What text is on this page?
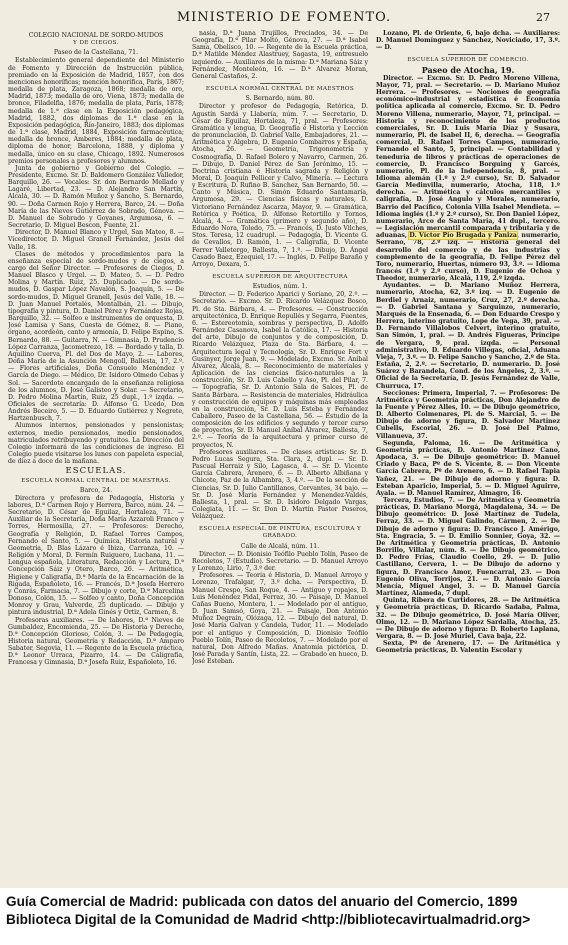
MINISTERIO DE FOMENTO.	27
COLEGIO NACIONAL DE SORDO-MUDOS
Y DE CIEGOS.
Paseo de la Castellana, 71.

Establecimiento general dependiente del Ministerio de Fomento y Dirección de Instrucción pública, premiado en la Exposición de Madrid, 1857, con dos menciones honoríficas; mención honorífica, París, 1867; medalla de plata, Zaragoza, 1868; medalla de oro, Madrid, 1873; medalla de oro, Viena, 1873; medalla de bronce, Filadelfia, 1876; medalla de plata, París, 1878; medalla de 1.ª clase en la Exposición pedagógica, Madrid, 1882, dos diplomas de 1.ª clase en la Exposición pedagógica, Río-Janeiro, 1883; dos diplomas de 1.ª clase, Madrid, 1884, Exposición farmacéutica; medalla de bronce, Amberes, 1884; medalla de plata, diploma de honor, Barcelona, 1888, y diploma y medalla, único en su clase, Chicago, 1892. Numerosos premios personales a profesores y alumnos.

Junta de gobierno y Gobierno del Colegio. — Presidente, Excmo. Sr. D. Baldomero González Valledor, Barquillo, 26. — Vocales: Sr. don Bernardo Mellado y Lagaré, Libertad, 23. — D. Alejandro San Martín, Alcalá, 30. — D. Ramón Muñoz y Sancho, S. Bernardo, 90. — Doña Carmen Rojo y Herrera, Barco, 24. — Doña María de las Nieves Gutiérrez de Sobrado, Génova. — D. Manuel de Sobrado y Goyanes, Argumosa, 6. — Secretario, D. Miguel Bescon, Fuente, 21.

Director, D. Manuel Blanco y Urgel, San Mateo, 8. — Vicedirector, D. Miguel Granell Fernández, Jesús del Valle, 18.

Clases de métodos y procedimientos para la enseñanza especial de sordo-mudos y de ciegos, a cargo del Señor Director. — Profesores de Ciegos, D. Manuel Blasco y Urgel. — D. Mateo, 5. — D. Pedro Molina y Martín. Ruiz, 25. Duplicado. — De sordo-mudos, D. Gaspar López Navalón, S. Joaquín, 5. — De sordo-mudos, D. Miguel Granell, Jesús del Valle, 18. — D. Juan Manuel Portalés, Montalbán, 21. — Dibujo, tipografía y pintura, D. Daniel Pérez y Fernández Rojas, Barquillo, 32. — Solfeo e instrumentos de orquesta, D. José Lamisa y Sans, Cuesta de Gómez, 8. — Piano, órgano, acordeón, canto y armonía, D. Felipe Espino, S. Bernardo, 88. — Guitarra, N. — Gimnasia, D. Prudencio López Carranza, Jacometrezo, 18. — Bordado y talla, D. Aquilino Cuerva, Pl. del Dos de Mayo, 2. — Labores, Doña María de la Asunción Mengoll, Ballesta, 17, 2.º. — Flores artificiales, Doña Consuelo Menéndez y García de Diego. — Médico, Dr. Isidoro Olmedo Cebas y Sol. — Sacerdote encargado de la enseñanza religiosa de los alumnos, D. José Galisteo y Solar. — Secretario, D. Pedro Molina Martín, Ruiz, 25 dupl., 1.º izqda. — Oficiales de secretaría: D. Alfonso G. Ucedo, Don Andrés Beceiro, 5. — D. Eduardo Gutiérrez y Negrete, Hartzenbusch, 7.

Alumnos internos, pensionados y pensionistas; externos, medio pensionados, medio pensionados, matriculados retribuyendo y gratuitos. La Dirección del Colegio informará de las condiciones de ingreso. El Colegio puede visitarse los lunes con papeleta especial, de diez a doce de la mañana.

ESCUELAS.
ESCUELA NORMAL CENTRAL DE MAESTRAS.
Barco, 24.

Directora y profesora de Pedagogía, Historia y labores, D.ª Carmen Rojo y Herrera, Barco, núm. 24. — Secretario, D. César de Eguilaz, Hortaleza, 71. — Auxiliar de la Secretaría, Doña María Azzaroli Franco y Torres, Hermosilla, 27. — Profesores: Derecho, Geografía y Religión, D. Rafael Torres Campos, Fernando el Santo, 5. — Química, Historia natural y Geometría, D. Blas Lázaro é Ibiza, Carranza, 10. — Religión y Moral, D. Fermín Ruiguero, Luchana, 11. — Lengua española, Literatura, Redacción y Lectura, D.ª Concepción Sáiz y Otero, Barco, 26. — Aritmética, Higiene y Caligrafía, D.ª María de la Encarnación de la Rigada, Españoleto, 16. — Francés, D.ª Josefa Herrero y Conrás, Farmacia, 7. — Dibujo y corte, D.ª Marcelina Donoso, Colón, 15. — Solfeo y canto, Doña Concepción Monroy y Grau, Valverde, 25 duplicado. — Dibujo y pintura industrial, D.ª Adela Ginés y Ortiz, Carmen, 8.

Profesoras auxiliares. — De labores, D.ª Nieves de Gumbaldez, Encomienda, 25. — De Historia y Derecho, D.ª Concepción Glorioso, Colón, 3. — De Pedagogía, Historia natural, Geometría y Redacción, D.ª Amparo Sabater, Segovia, 11. — Regente de la Escuela práctica, D.ª Leonor Urraca, Pizarro, 14. — De Caligrafía, Francesa y Gimnasia, D.ª Josefa Ruiz, Españoleto, 16.

nasia, D.ª Juana Trujillos, Preciados, 34. — De Geografía, D.ª Pilar Moltó, Génova, 27. — D.ª Isabel Sama, Obelisco, 10. — Regente de la Escuela práctica, D.ª Matilde Méndez Alastruey, Sagasta, 19, entresuelo izquierdo. — Auxiliares de la misma: D.ª Mariana Sáiz y Fernández, Monteleón, 16. — D.ª Alvarez Moran, General Castaños, 2.

ESCUELA NORMAL CENTRAL DE MAESTROS
S. Bernardo, núm. 80.

Director y profesor de Pedagogía, Retórica, D. Agustín Sardá y Llabería, núm. 7. — Secretario, D. César de Eguilaz, Hortaleza, 71, pral. — Profesores: Gramática y lengua, D. Geografía é Historia y Lección de pronunciación, D. Gabriel Valle, Embajadores, 21. — Aritmética y Álgebra, D. Eugenio Combarros y España, Atocha, 26. — Geometría, Trigonometría y Cosmografía, D. Rafael Bolero y Navarro, Carmen, 26. — Dibujo, D. Daniel Pérez de San Jerónimo, 15. — Doctrina cristiana é Historia sagrada y Religión y Moral, D. Joaquín Pellicer y Calvo, Minería. — Lectura y Escritura, D. Rufino B. Sanchez, San Bernardo, 50. — Canto y Música, D. Simón Eduardo Santamaría, Argumosa, 29. — Ciencias físicas y naturales, D. Victoriano Fernández Ascarza, Mayor, 9. — Gramática, Retórica y Poética, D. Alfonso Retortillo y Tornos, Alcalá, 4. — Gramática (primero y segundo año), D. Eduardo Nora, Toledo, 75. — Francés, D. Justo Vilches, Stos. Teresa, 12 cuadrupl. — Pedagogía, D. Vicente G. de Cevallos, D. Ramón, 1. — Caligrafía, D. Vicente Ferrer Valletergo, Ballesta, 7, 1.º. — Dibujo, D. Ángel Casado Baez, Ezequiel, 17. — Inglés, D. Felipe Baraño y Arroyo, Dexara, 5.

ESCUELA SUPERIOR DE ARQUITECTURA
Estudios, núm. 1.

Director. — D. Federico Aparici y Soriano, 20, 2.º. — Secretario. — Excmo. Sr. D. Ricardo Velázquez Bosco, Pl. de Sta. Bárbara, 4. — Profesores. — Construcción arquitectónica, D. Enrique Repullés y Segarra, Fuentes, 6. — Estereotomía, sombras y perspectiva, D. Adolfo Fernández Casanova, Isabel la Católica, 17. — Historia del arte, Dibujo de conjuntos y de composición, D. Ricardo Velázquez, Plaza de Sta. Bárbara, 4. — Arquitectura legal y Tecnología, Sr. D. Enrique Fort y Gusinyer, Jorge Juan, 9. — Modelado, Excmo. Sr. Aníbal Álvarez, Alcalá, 8. — Reconocimiento de materiales y Aplicación de las ciencias físico-naturales a la construcción, Sr. D. Luis Cabello y Aso, Pl. del Pilar, 7. — Topografía, Sr. D. Antonio Sala de Salces, Pl. de Santa Bárbara. — Resistencia de materiales, Hidráulica y construcción de equipos y máquinas más empleadas en la construcción, Sr. D. Luis Esteba y Fernández Caballero, Paseo de la Castellana, 56. — Estudio de la composición de los edificios y segundo y tercer curso de proyectos, Sr. D. Manuel Aníbal Álvarez, Ballesta, 7, 2.º. — Teoría de la arquitectura y primer curso de proyectos, N.

Profesores auxiliares. — De clases artísticas: Sr. D. Pedro Lucas Segura, Sta. Clara, 2, dupl. — Sr. D. Pascual Herraiz y Silo, Lagasca, 4. — Sr. D. Vicente García Cabrera, Arenero, 6. — D. Alberto Albiñana y Chicote, Paz de la Albambra, 3, 4.º. — De la sección de Ciencias, Sr. D. Julio Cantillanos, Cervantes, 34 bajo. — Sr. D. José María Fernández y Menendez-Valdés, Ballesta, 1, pral. — Sr. D. Isidoro Delgado Vargas, Colegiata, 11. — Sr. Don D. Martín Pastor Poseros, Velázquez.

ESCUELA ESPECIAL DE PINTURA, ESCULTURA Y GRABADO.
Calle de Alcalá, núm. 11.

Director. — D. Dionisio Teófilo Pueblo Tolín, Paseo de Recoletos, 7 (Estudio). Secretario. — D. Manuel Arroyo y Lorenzo, Lirio, 7, 3.º der.

Profesores. — Teoría é Historia, D. Manuel Arroyo y Lorenzo, Trafalgar, 7, 3.º dcha. — Perspectiva, D. Manuel Crespo, San Roque, 4. — Antiguo y ropajes, D. Luis Menéndez Pidal, Ferraz, 30. — Paisaje, D. Manuel Cañas Bueno, Montera, 1. — Modelado por el antiguo, D. Juan Samsó, Goya, 21. — Paisaje, Don Antonio Muñoz Degrain, Olózaga, 12. — Dibujo del natural, D. José María Galvan y Candela, Tudor, 11. — Modelado por el antiguo y Composición, D. Dionisio Teófilo Pueblo Tolín, Paseo de Recoletos, 7. — Modelado por el natural, Don Alfredo Mañas. Anatomía pictórica, D. José Parada y Santín, Lista, 22. — Grabado en hueco, D. José Esteban.

Lozano, Pl. de Oriente, 6, bajo dcha. — Auxiliares: D. Manuel Domínguez y Sánchez, Noviciado, 17, 3.º. — D.

ESCUELA SUPERIOR DE COMERCIO.
Paseo de Atocha, 19.

Director. — Excmo. Sr. D. Pedro Moreno Villena, Mayor, 71, pral. — Secretario. — D. Mariano Muñoz Herrera. — Profesores. — Nociones de geografía económico-industrial y estadística é Economía política aplicada al comercio, Excmo. Sr. D. Pedro Moreno Villena, numerario, Mayor, 71, principal. — Historia y reconocimiento de los productos comerciales, Sr. D. Luis María Díaz y Susara, numerario, Pl. de Isabel II, 6, derecha. — Geografía comercial, D. Rafael Torres Campos, numerario, Fernando el Santo, 5, principal. — Contabilidad y teneduría de libros y prácticas de operaciones de comercio, D. Francisco Borguing y Garcés, numerario, Pl. de la Independencia, 8, pral. — Idioma alemán (1.º y 2.º curso), Sr. D. Salvador García Medinvilla, numerario, Atocha, 118, 1.º derecha. — Aritmética y cálculos mercantiles y caligrafía, D. José Angulo y Morales, numerario, Barrio del Pacífico, Colonia Villa Isabel Mendieta. — Idioma inglés (1.º y 2.º curso), Sr. Don Daniel López, numerario, Arco de Santa María, 41 dupl., tercero. — Legislación mercantil comparada y tributaria y de aduanas, D. Víctor Pío Brugada y Paniza, numerario, Serrano, 78, 2.º izq. — Historia general del desarrollo del comercio y de las industrias y complemento de la geografía, D. Felipe Pérez del Toro, numerario, Huertas, número 93, 3.º. — Idioma francés (1.º y 2.º curso), D. Eugenio de Ochoa y Theodor, numerario, Alcalá, 119, 2.º izqda.

Ayudantes. — D. Mariano Muñoz Herrera, numerario, Atocha, 62, 3.º izq. — D. Eugenio de Berdiel y Arnaiz, numerario, Cruz, 27, 2.º derecha. — D. Gabriel Santana y Sarguinzo, numerario, Marqués de la Ensenada, 6. — Don Eduardo Crespo y Herrera, interino gratuito, Lope de Vega, 39, pral. — D. Fernando Villalobos Celvert, interino gratuito, San Simón, 1, pral. — D. Andrés Figueras, Príncipe de Vergara, 9, pral. izqda. — Personal administrativo, D. Eduardo Villegas, oficial, Aduana Vieja, 7, 3.º. — D. Felipe Sancho y Sancho, 2.º de Sta. Estaña, 2, 2.º. — Secretario, D. numerario. D. José Suárez y Barandela, Cond. de los Ángeles, 2, 3.º. — Oficial de la Secretaría, D. Jesús Fernández de Valle, Churruca, 17.

Secciones: Primera, Imperial, 7. — Profesores: De Aritmética y Geometría prácticas, Don Alejandro de la Fuente y Pérez Alles, 10. — De Dibujo geométrico, D. Alberto Colmenares, Pl. de S. Marcial, 5. — De Dibujo de adorno y figura, D. Salvador Martínez Cubells, Escorial, 26. — D. José Del Palmo, Villanueva, 37.

Segunda, Paloma, 16. — De Aritmética y Geometría prácticas, D. Antonio Martínez Cano, Apodaca, 3. — De Dibujo geométrico: D. Manuel Criado y Baca, Pº de S. Vicente, 8. — Don Vicente García Cabrera, Pº de Arenero, 6. — D. Rafael Tapia Yañez, 21. — De Dibujo de adorno y figura: D. Esteban Aparicio, Imperial, 5. — D. Miguel Aguirre, Ayala. — D. Manuel Ramírez, Almagro, 16.

Tercera, Estudios, 7. — De Aritmética y Geometría prácticas, D. Mariano Morgá, Magdalena, 34. — De Dibujo geométrico: D. José Martínez de Tudela, Ferraz, 33. — D. Miguel Galindo, Cármen, 2. — De Dibujo de adorno y figura: D. Francisco J. Amérigo, Sta. Engracia, 5. — D. Emilio Sonnier, Goya, 32. — De Aritmética y Geometría prácticas, D. Antonio Borrillo, Villalar, núm. 8. — De Dibujo geométrico, D. Pedro Frías, Claudio Coello, 29. — D. Julio Castillano, Cervera, 1. — De Dibujo de adorno y figura, D. Francisco Amor, Fuencarral, 23. — Don Eugenio Oliva, Torrijos, 21. — D. Antonio García Mencía, Miguel Angel, 3. — D. Manuel García Martínez, Alameda, 7 dupl.

Quinta, Ribera de Curtidores, 28. — De Aritmética y Geometría prácticas, D. Ricardo Sadaba, Palma, 32. — De Dibujo geométrico, D. José María Oliver, Olmo, 12. — D. Mariano López Sardalla, Atocha, 25. — De Dibujo de adorno y figura: D. Roberto Laplana, Vergara, 8. — D. José Muriel, Cava baja, 22.

Sexta, Pº de Arenero, 17. — De Aritmética y Geometría prácticas, D. Valentín Escolar y

Guía Comercial de Madrid: publicada con datos del anuario del Comercio, 1899
Biblioteca Digital de la Comunidad de Madrid <http://bibliotecavirtualmadrid.org>
